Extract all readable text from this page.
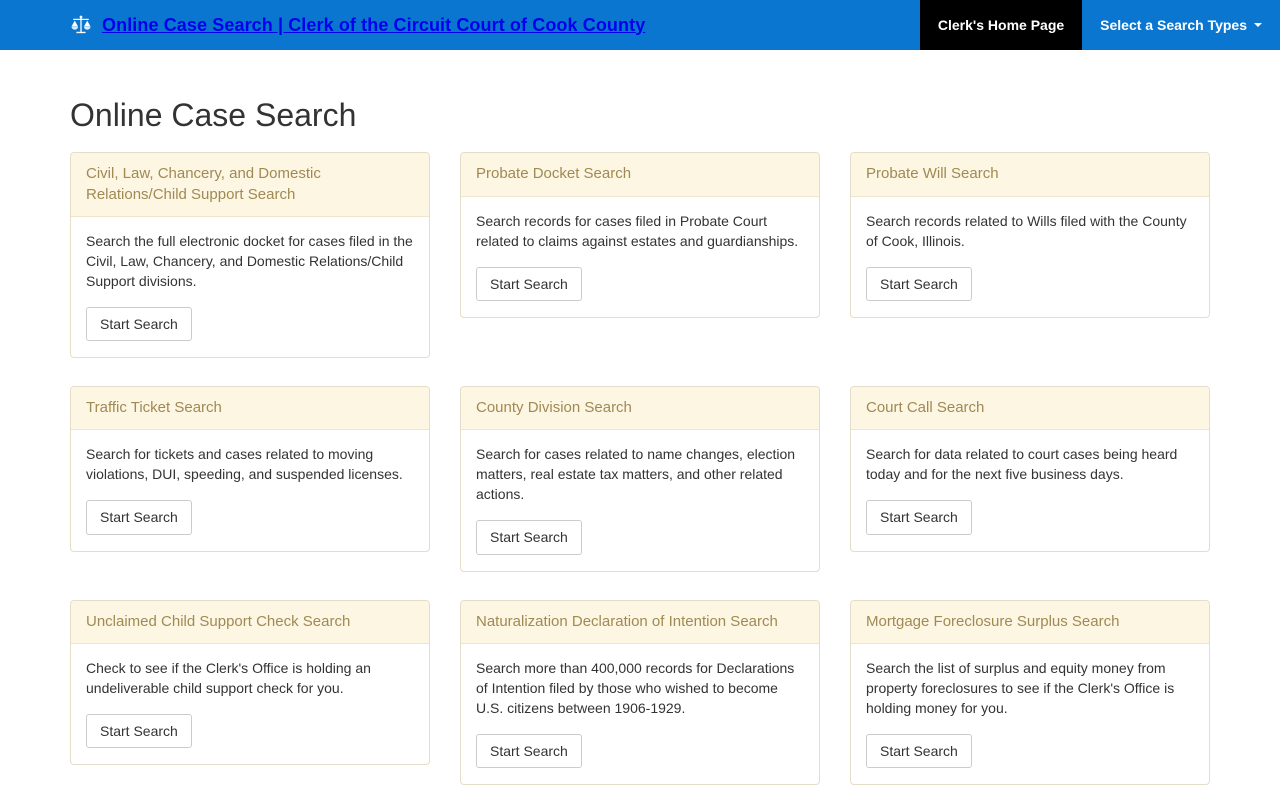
Online Case Search | Clerk of the Circuit Court of Cook County	Clerk's Home Page	Select a Search Types
Online Case Search
Civil, Law, Chancery, and Domestic Relations/Child Support Search

Search the full electronic docket for cases filed in the Civil, Law, Chancery, and Domestic Relations/Child Support divisions.

Start Search
Probate Docket Search

Search records for cases filed in Probate Court related to claims against estates and guardianships.

Start Search
Probate Will Search

Search records related to Wills filed with the County of Cook, Illinois.

Start Search
Traffic Ticket Search

Search for tickets and cases related to moving violations, DUI, speeding, and suspended licenses.

Start Search
County Division Search

Search for cases related to name changes, election matters, real estate tax matters, and other related actions.

Start Search
Court Call Search

Search for data related to court cases being heard today and for the next five business days.

Start Search
Unclaimed Child Support Check Search

Check to see if the Clerk's Office is holding an undeliverable child support check for you.

Start Search
Naturalization Declaration of Intention Search

Search more than 400,000 records for Declarations of Intention filed by those who wished to become U.S. citizens between 1906-1929.

Start Search
Mortgage Foreclosure Surplus Search

Search the list of surplus and equity money from property foreclosures to see if the Clerk's Office is holding money for you.

Start Search
